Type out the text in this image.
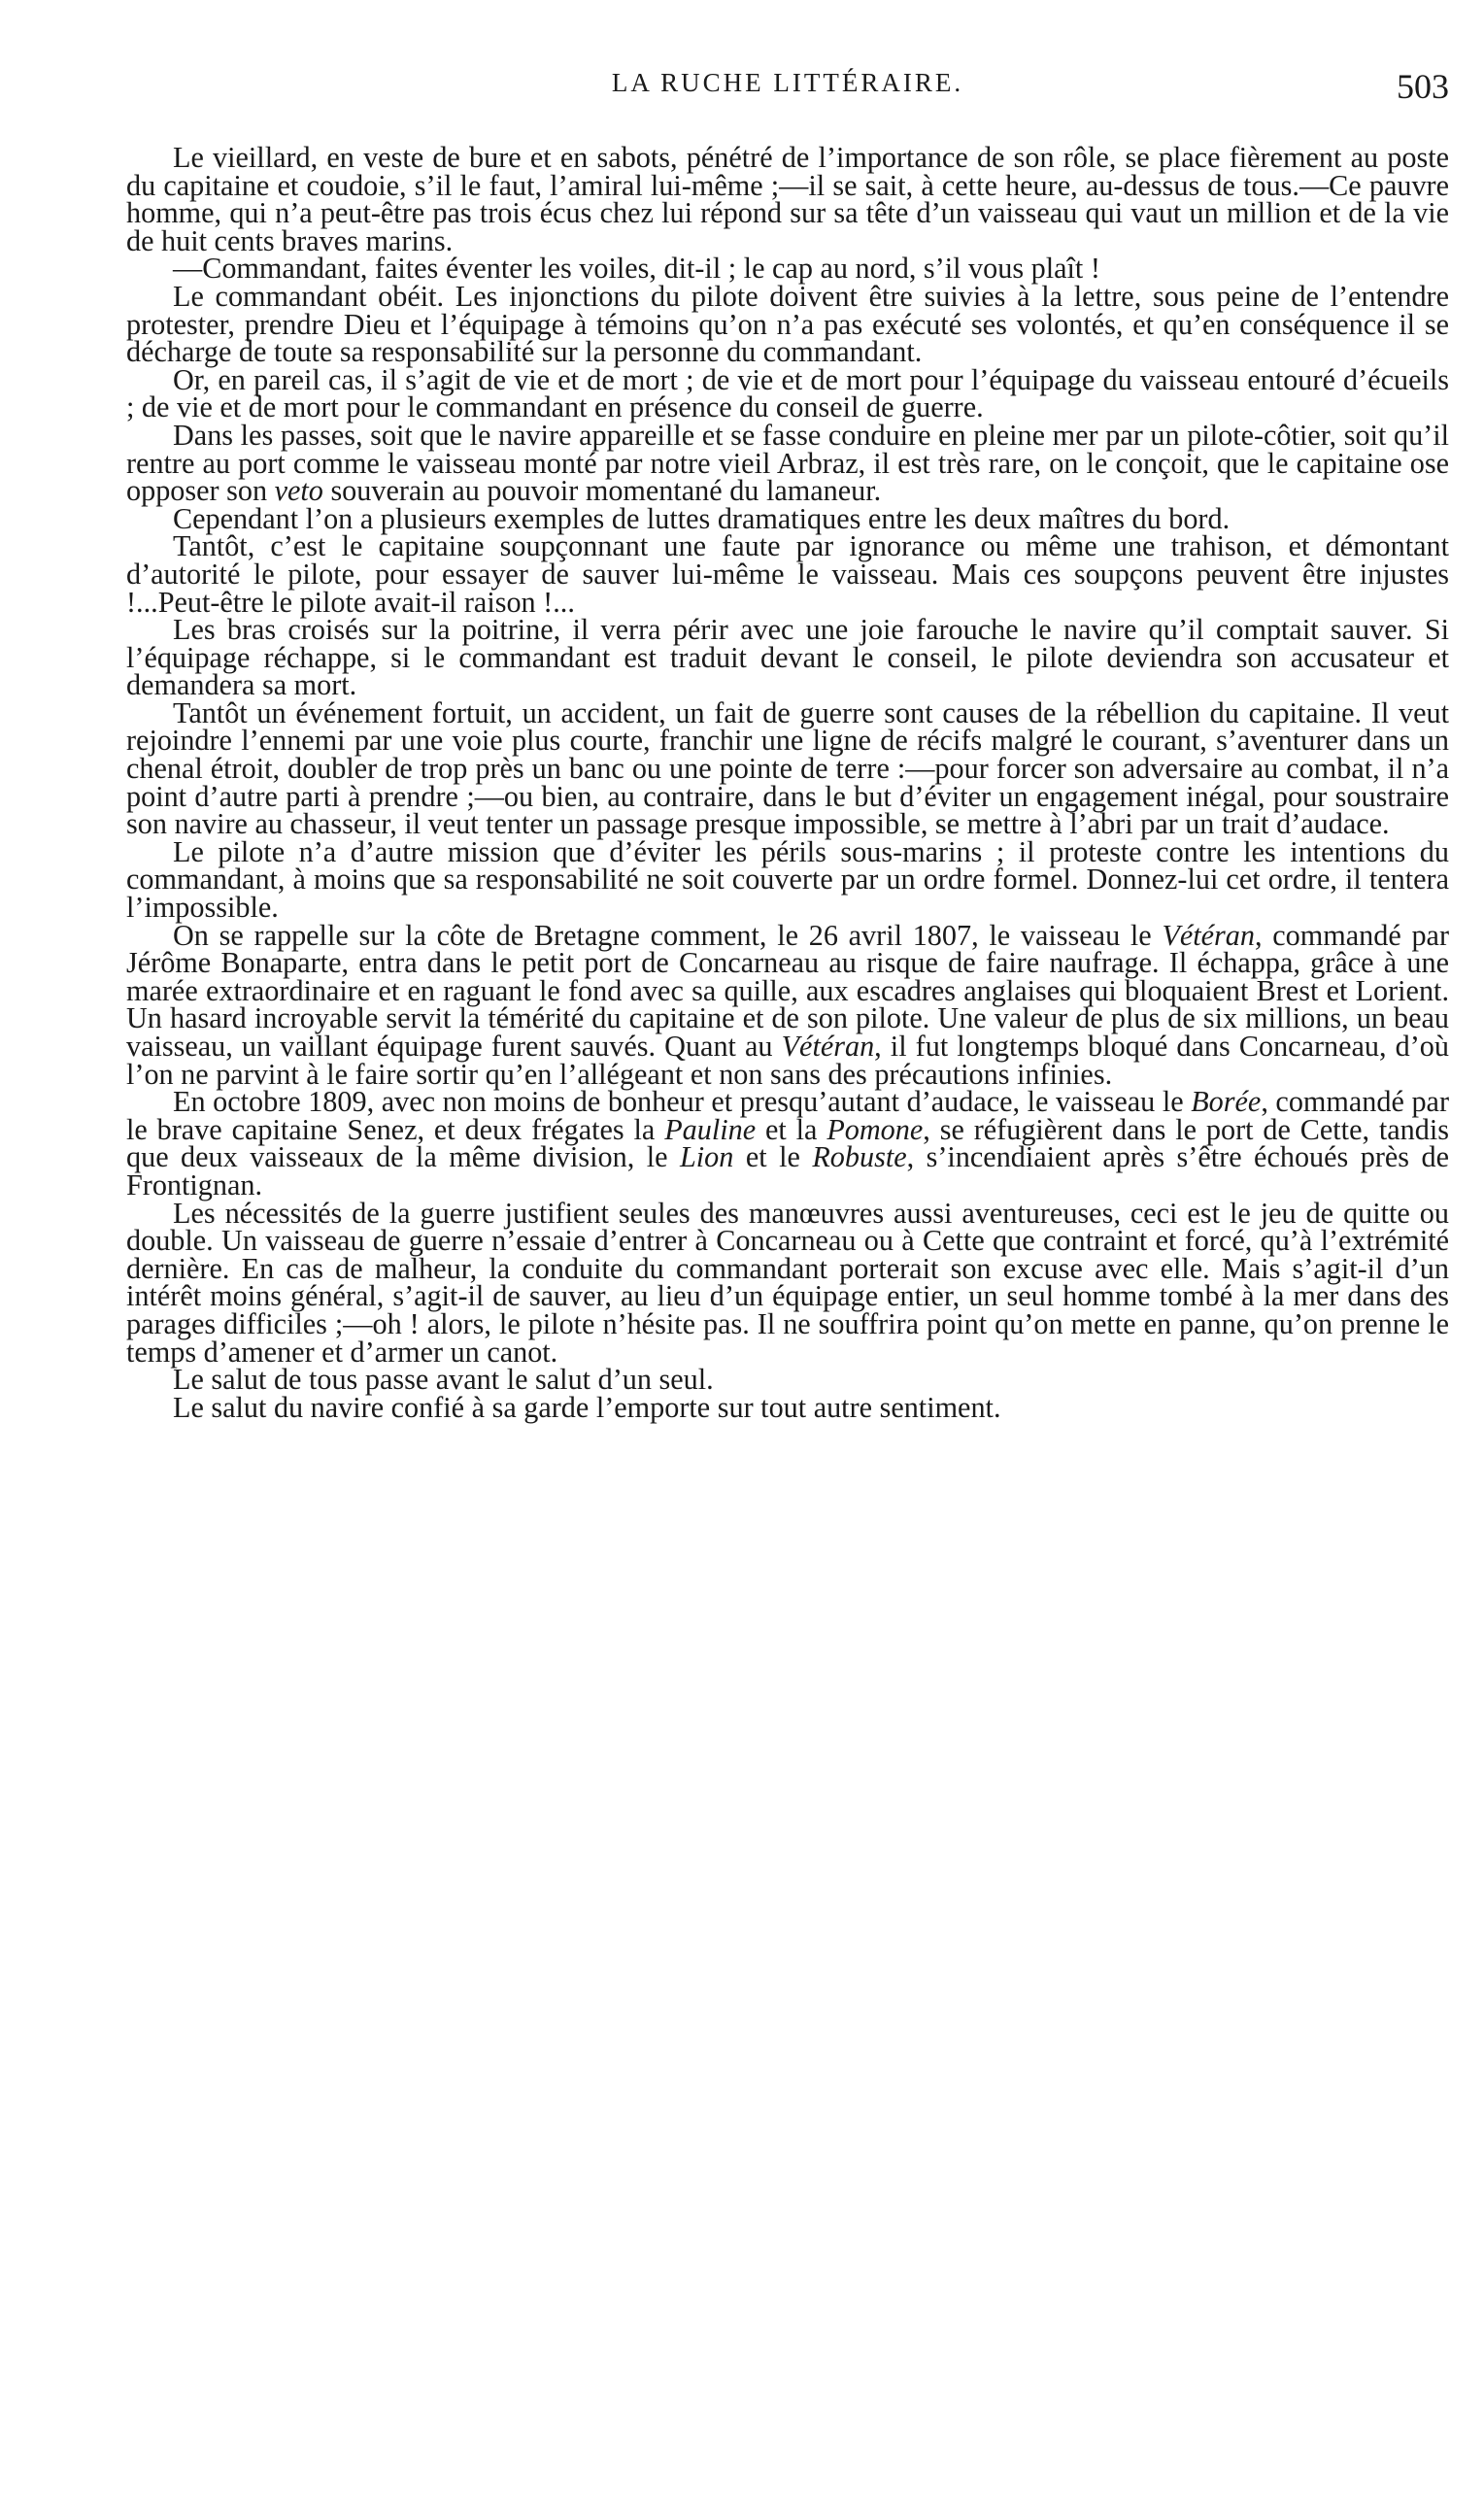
LA RUCHE LITTÉRAIRE.	503

Le vieillard, en veste de bure et en sabots, pénétré de l’importance de son rôle, se place fièrement au poste du capitaine et coudoie, s’il le faut, l’amiral lui-même ;—il se sait, à cette heure, au-dessus de tous.—Ce pauvre homme, qui n’a peut-être pas trois écus chez lui répond sur sa tête d’un vaisseau qui vaut un million et de la vie de huit cents braves marins.

—Commandant, faites éventer les voiles, dit-il ; le cap au nord, s’il vous plaît !

Le commandant obéit. Les injonctions du pilote doivent être suivies à la lettre, sous peine de l’entendre protester, prendre Dieu et l’équipage à témoins qu’on n’a pas exécuté ses volontés, et qu’en conséquence il se décharge de toute sa responsabilité sur la personne du commandant.

Or, en pareil cas, il s’agit de vie et de mort ; de vie et de mort pour l’équipage du vaisseau entouré d’écueils ; de vie et de mort pour le commandant en présence du conseil de guerre.

Dans les passes, soit que le navire appareille et se fasse conduire en pleine mer par un pilote-côtier, soit qu’il rentre au port comme le vaisseau monté par notre vieil Arbraz, il est très rare, on le conçoit, que le capitaine ose opposer son veto souverain au pouvoir momentané du lamaneur.

Cependant l’on a plusieurs exemples de luttes dramatiques entre les deux maîtres du bord.

Tantôt, c’est le capitaine soupçonnant une faute par ignorance ou même une trahison, et démontant d’autorité le pilote, pour essayer de sauver lui-même le vaisseau. Mais ces soupçons peuvent être injustes !...Peut-être le pilote avait-il raison !...

Les bras croisés sur la poitrine, il verra périr avec une joie farouche le navire qu’il comptait sauver. Si l’équipage réchappe, si le commandant est traduit devant le conseil, le pilote deviendra son accusateur et demandera sa mort.

Tantôt un événement fortuit, un accident, un fait de guerre sont causes de la rébellion du capitaine. Il veut rejoindre l’ennemi par une voie plus courte, franchir une ligne de récifs malgré le courant, s’aventurer dans un chenal étroit, doubler de trop près un banc ou une pointe de terre :—pour forcer son adversaire au combat, il n’a point d’autre parti à prendre ;—ou bien, au contraire, dans le but d’éviter un engagement inégal, pour soustraire son navire au chasseur, il veut tenter un passage presque impossible, se mettre à l’abri par un trait d’audace.

Le pilote n’a d’autre mission que d’éviter les périls sous-marins ; il proteste contre les intentions du commandant, à moins que sa responsabilité ne soit couverte par un ordre formel. Donnez-lui cet ordre, il tentera l’impossible.

On se rappelle sur la côte de Bretagne comment, le 26 avril 1807, le vaisseau le Vétéran, commandé par Jérôme Bonaparte, entra dans le petit port de Concarneau au risque de faire naufrage. Il échappa, grâce à une marée extraordinaire et en raguant le fond avec sa quille, aux escadres anglaises qui bloquaient Brest et Lorient. Un hasard incroyable servit la témérité du capitaine et de son pilote. Une valeur de plus de six millions, un beau vaisseau, un vaillant équipage furent sauvés. Quant au Vétéran, il fut longtemps bloqué dans Concarneau, d’où l’on ne parvint à le faire sortir qu’en l’allégeant et non sans des précautions infinies.

En octobre 1809, avec non moins de bonheur et presqu’autant d’audace, le vaisseau le Borée, commandé par le brave capitaine Senez, et deux frégates la Pauline et la Pomone, se réfugièrent dans le port de Cette, tandis que deux vaisseaux de la même division, le Lion et le Robuste, s’incendiaient après s’être échoués près de Frontignan.

Les nécessités de la guerre justifient seules des manœuvres aussi aventureuses, ceci est le jeu de quitte ou double. Un vaisseau de guerre n’essaie d’entrer à Concarneau ou à Cette que contraint et forcé, qu’à l’extrémité dernière. En cas de malheur, la conduite du commandant porterait son excuse avec elle. Mais s’agit-il d’un intérêt moins général, s’agit-il de sauver, au lieu d’un équipage entier, un seul homme tombé à la mer dans des parages difficiles ;—oh ! alors, le pilote n’hésite pas. Il ne souffrira point qu’on mette en panne, qu’on prenne le temps d’amener et d’armer un canot.

Le salut de tous passe avant le salut d’un seul.

Le salut du navire confié à sa garde l’emporte sur tout autre sentiment.
